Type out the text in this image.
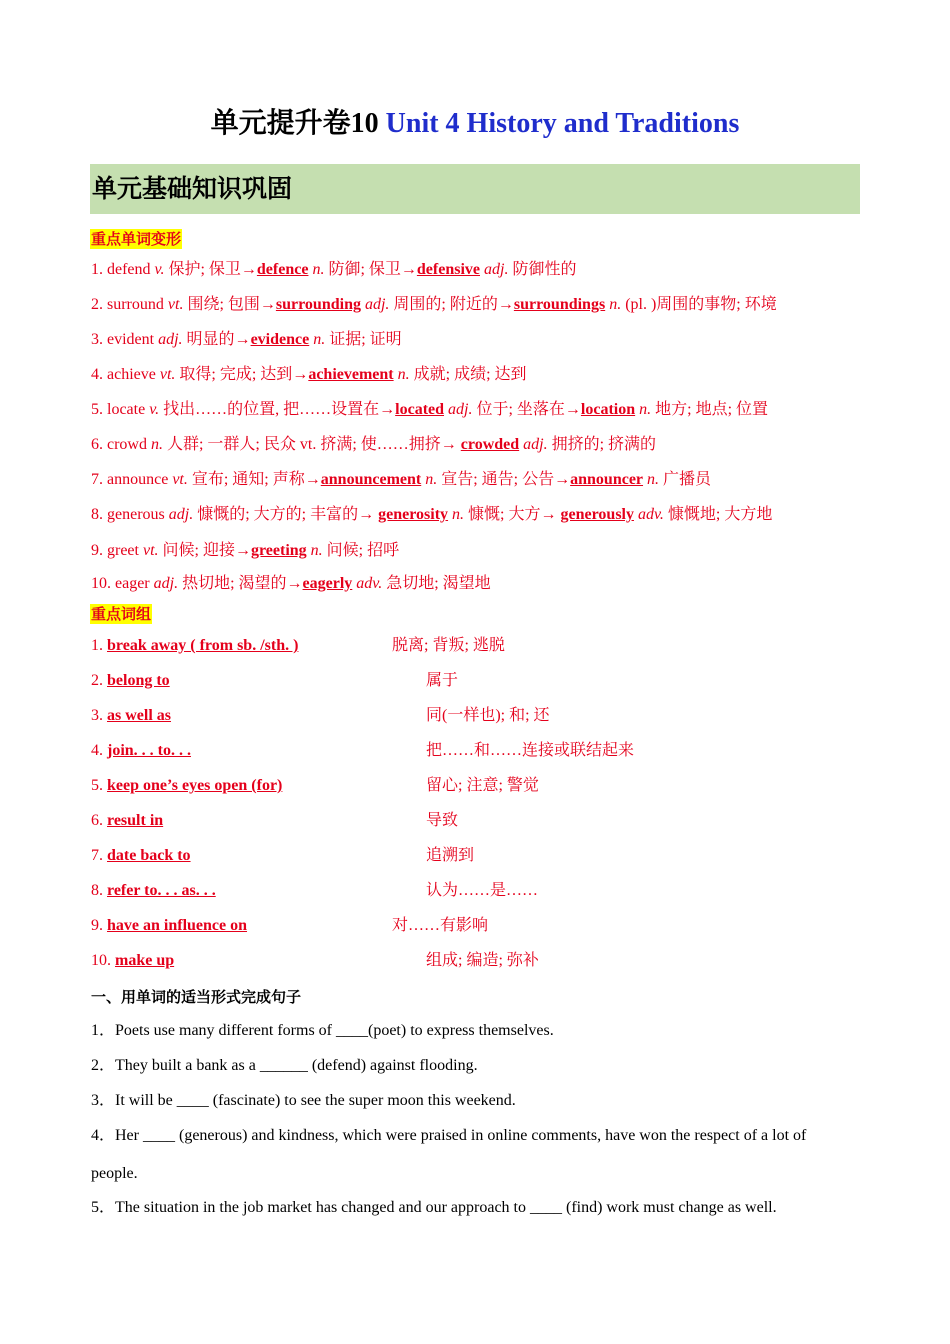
单元提升卷10 Unit 4 History and Traditions
单元基础知识巩固
重点单词变形
1. defend v. 保护; 保卫→defence n. 防御; 保卫→defensive adj. 防御性的
2. surround vt. 围绕; 包围→surrounding adj. 周围的; 附近的→surroundings n. (pl. )周围的事物; 环境
3. evident adj. 明显的→evidence n. 证据; 证明
4. achieve vt. 取得; 完成; 达到→achievement n. 成就; 成绩; 达到
5. locate v. 找出……的位置, 把……设置在→located adj. 位于; 坐落在→location n. 地方; 地点; 位置
6. crowd n. 人群; 一群人; 民众 vt. 挤满; 使……拥挤→ crowded adj. 拥挤的; 挤满的
7. announce vt. 宣布; 通知; 声称→announcement n. 宣告; 通告; 公告→announcer n. 广播员
8. generous adj. 慷慨的; 大方的; 丰富的→ generosity n. 慷慨; 大方→ generously adv. 慷慨地; 大方地
9. greet vt. 问候; 迎接→greeting n. 问候; 招呼
10. eager adj. 热切地; 渴望的→eagerly adv. 急切地; 渴望地
重点词组
1. break away ( from sb. /sth. )	脱离; 背叛; 逃脱
2. belong to	属于
3. as well as	同(一样也); 和; 还
4. join. . . to. . .	把……和……连接或联结起来
5. keep one’s eyes open (for)	留心; 注意; 警觉
6. result in	导致
7. date back to	追溯到
8. refer to. . . as. . .	认为……是……
9. have an influence on	对……有影响
10. make up	组成; 编造; 弥补
一、用单词的适当形式完成句子
1．Poets use many different forms of ____(poet) to express themselves.
2．They built a bank as a ______ (defend) against flooding.
3．It will be ____ (fascinate) to see the super moon this weekend.
4．Her ____ (generous) and kindness, which were praised in online comments, have won the respect of a lot of
people.
5．The situation in the job market has changed and our approach to ____ (find) work must change as well.
